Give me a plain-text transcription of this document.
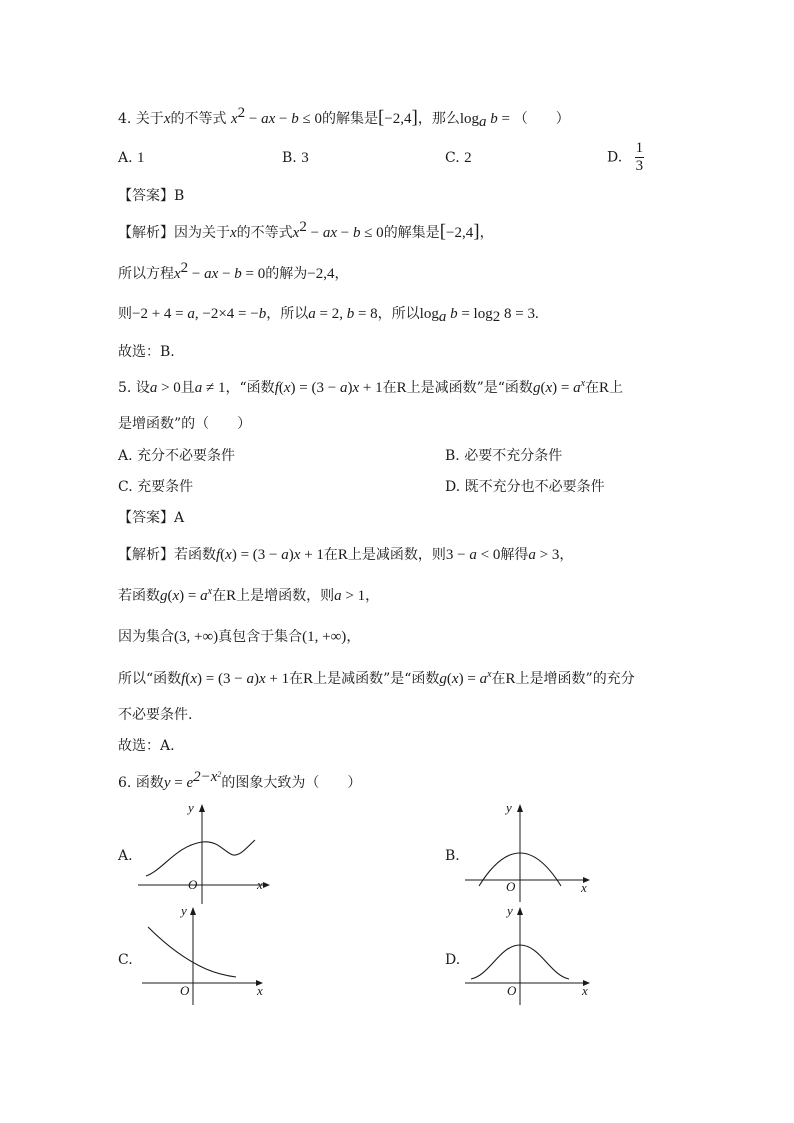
4. 关于x的不等式 $x^2$ − ax − b ≤ 0的解集是[−2,4]，那么$\log_a b$ = （　　）
A. 1	B. 3	C. 2	D. $\frac{1}{3}$
【答案】B
【解析】因为关于x的不等式$x^2$ − ax − b ≤ 0的解集是[−2,4]，
所以方程$x^2$ − ax − b = 0的解为−2,4，
则−2 + 4 = a, −2×4 = −b，所以a = 2, b = 8，所以$\log_a b = \log_2 8 = 3$.
故选：B.
5. 设a > 0且a ≠ 1，“函数f(x) = (3 − a)x + 1在R上是减函数”是“函数$g(x) = a^x$在R上
是增函数”的（　　）
A. 充分不必要条件	B. 必要不充分条件
C. 充要条件	D. 既不充分也不必要条件
【答案】A
【解析】若函数f(x) = (3 − a)x + 1在R上是减函数，则3 − a < 0解得a > 3，
若函数$g(x) = a^x$在R上是增函数，则a > 1，
因为集合(3, +∞)真包含于集合(1, +∞)，
所以“函数f(x) = (3 − a)x + 1在R上是减函数”是“函数$g(x) = a^x$在R上是增函数”的充分
不必要条件.
故选：A.
6. 函数$y = e^{2-x^2}$的图象大致为（　　）
A.
O	x
y
B.
O	x
y
C.
O	x
y
D.
O	x
y
